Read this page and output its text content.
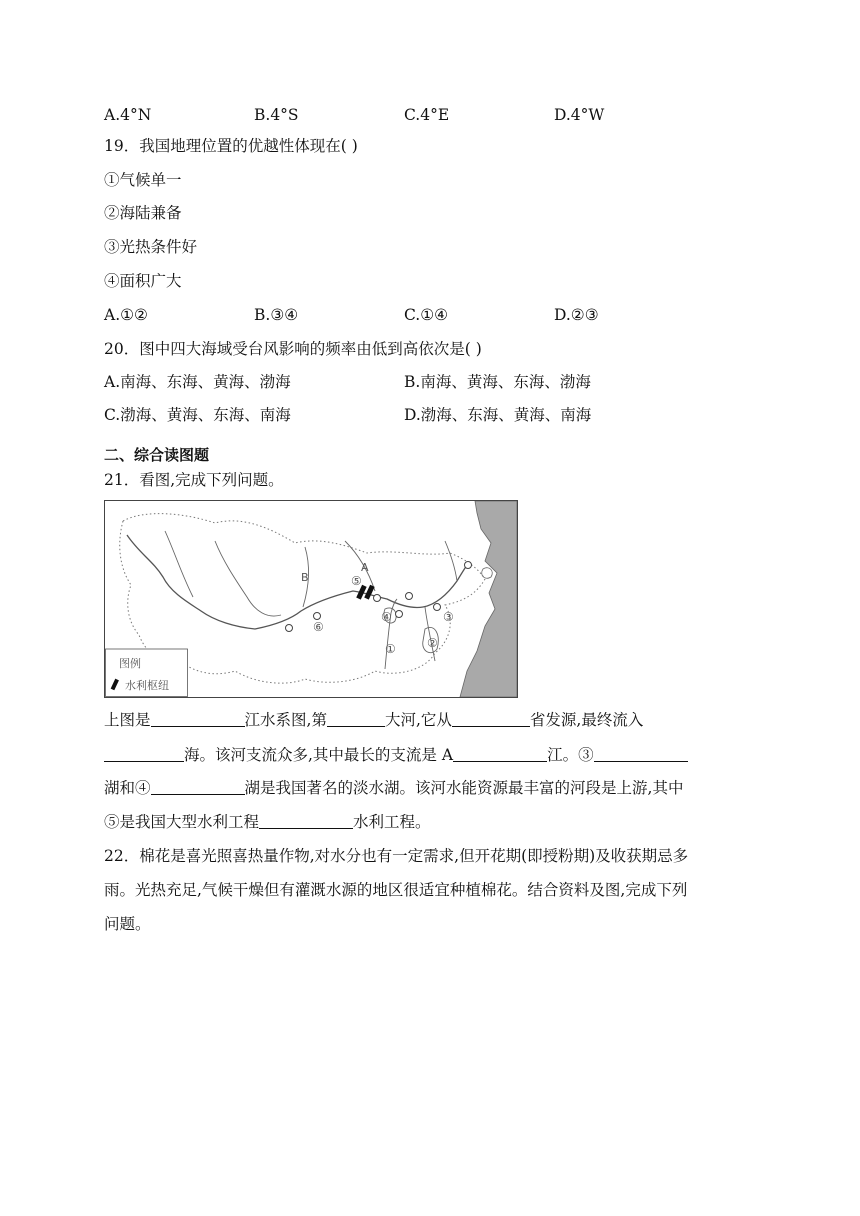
A.4°N	B.4°S	C.4°E	D.4°W
19．我国地理位置的优越性体现在( )
①气候单一
②海陆兼备
③光热条件好
④面积广大
A.①②	B.③④	C.①④	D.②③
20．图中四大海域受台风影响的频率由低到高依次是( )
A.南海、东海、黄海、渤海	B.南海、黄海、东海、渤海
C.渤海、黄海、东海、南海	D.渤海、东海、黄海、南海
二、综合读图题
21．看图,完成下列问题。
B
A
⑤
④	③
②
①
⑥
图例
水利枢纽
上图是	江水系图,第	大河,它从	省发源,最终流入
海。该河支流众多,其中最长的支流是 A	江。③
湖和④	湖是我国著名的淡水湖。该河水能资源最丰富的河段是上游,其中
⑤是我国大型水利工程	水利工程。
22．棉花是喜光照喜热量作物,对水分也有一定需求,但开花期(即授粉期)及收获期忌多
雨。光热充足,气候干燥但有灌溉水源的地区很适宜种植棉花。结合资料及图,完成下列
问题。
